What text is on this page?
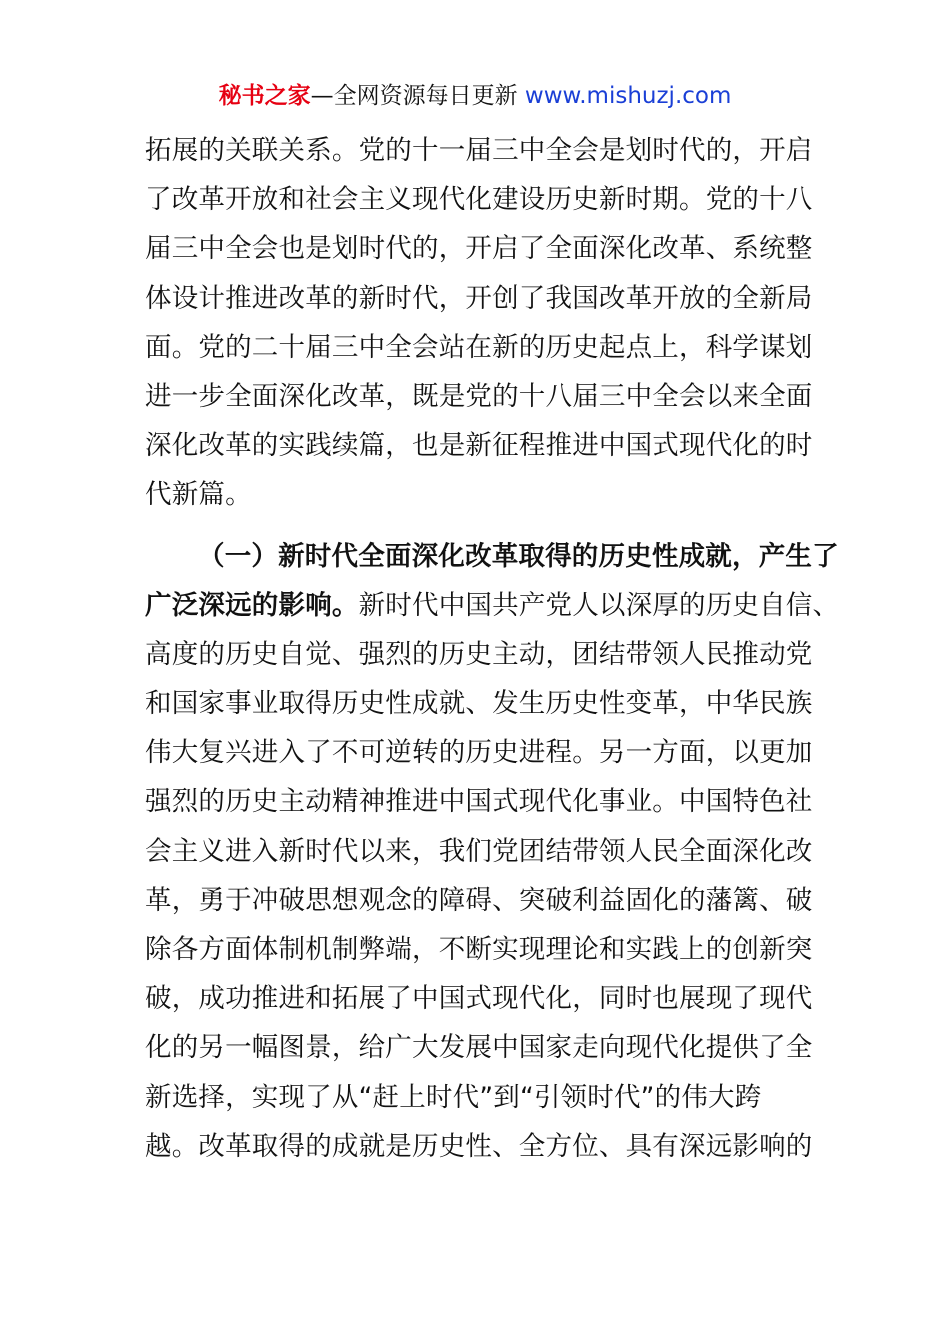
秘书之家—全网资源每日更新 www.mishuzj.com
拓展的关联关系。党的十一届三中全会是划时代的，开启
了改革开放和社会主义现代化建设历史新时期。党的十八
届三中全会也是划时代的，开启了全面深化改革、系统整
体设计推进改革的新时代，开创了我国改革开放的全新局
面。党的二十届三中全会站在新的历史起点上，科学谋划
进一步全面深化改革，既是党的十八届三中全会以来全面
深化改革的实践续篇，也是新征程推进中国式现代化的时
代新篇。
（一）新时代全面深化改革取得的历史性成就，产生了
广泛深远的影响。新时代中国共产党人以深厚的历史自信、
高度的历史自觉、强烈的历史主动，团结带领人民推动党
和国家事业取得历史性成就、发生历史性变革，中华民族
伟大复兴进入了不可逆转的历史进程。另一方面，以更加
强烈的历史主动精神推进中国式现代化事业。中国特色社
会主义进入新时代以来，我们党团结带领人民全面深化改
革，勇于冲破思想观念的障碍、突破利益固化的藩篱、破
除各方面体制机制弊端，不断实现理论和实践上的创新突
破，成功推进和拓展了中国式现代化，同时也展现了现代
化的另一幅图景，给广大发展中国家走向现代化提供了全
新选择，实现了从“赶上时代”到“引领时代”的伟大跨
越。改革取得的成就是历史性、全方位、具有深远影响的
